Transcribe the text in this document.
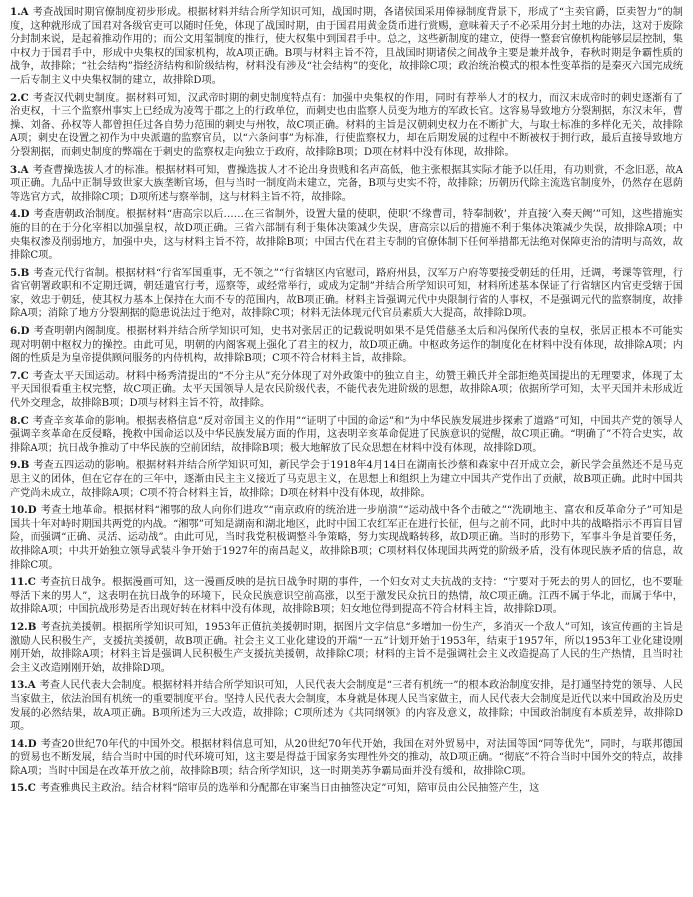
1.A 考查战国时期官僚制度初步形成。根据材料并结合所学知识可知，战国时期，各诸侯国采用俸禄制度背景下，形成了“主卖官爵，臣卖智力”的制度，这种就形成了国君对各级官吏可以随时任免，体现了战国时期，由于国君用黄金货币进行赏赐，意味着天子不必采用分封土地的办法，这对于废除分封制来说，是起着推动作用的；而公文用玺制度的推行，使大权集中到国君手中。总之，这些新制度的建立，使得一整套官僚机构能够层层控制，集中权力于国君手中，形成中央集权的国家机构，故A项正确。B项与材料主旨不符，且战国时期诸侯之间战争主要是兼并战争，春秋时期是争霸性质的战争，故排除；“社会结构”指经济结构和阶级结构，材料没有涉及“社会结构”的变化，故排除C项；政治统治模式的根本性变革指的是秦灭六国完成统一后专制主义中央集权制的建立，故排除D项。

2.C 考查汉代刺史制度。据材料可知，汉武帝时期的刺史制度特点有：加强中央集权的作用，同时有荐举人才的权力，而汉末成帝时的刺史逐渐有了治吏权，十三个监察州事实上已经成为凌驾于郡之上的行政单位，而刺史也由监察人员变为地方的军政长官。这容易导致地方分裂割据，东汉末年，曹操、刘备、孙权等人都曾担任过各自势力范围的刺史与州牧，故C项正确。材料的主旨是汉朝刺史权力在不断扩大，与取士标准的多样化无关，故排除A项；刺史在设置之初作为中央派遣的监察官员，以“六条问事”为标准，行使监察权力，却在后期发展的过程中不断被权于拥行政，最后直接导致地方分裂割据，而刺史制度的弊端在于刺史的监察权走向独立于政府，故排除B项；D项在材料中没有体现，故排除。

3.A 考查曹操选拔人才的标准。根据材料可知，曹操选拔人才不论出身贵贱和名声高低，他主张根据其实际才能予以任用，有功则赏，不念旧恶，故A项正确。九品中正制导致世家大族垄断官场，但与当时一制度尚未建立，完备，B项与史实不符，故排除；历朝历代除主流选官制度外，仍然存在恩荫等选官方式，故排除C项；D项所述与察举制，这与材料主旨不符，故排除。

4.D 考查唐朝政治制度。根据材料“唐高宗以后……在三省制外，设置大量的使职，使职‘不缘曹司，特奉制敕’，并直接‘入奏天阙’”可知，这些措施实施的目的在于分化宰相以加强皇权，故D项正确。三省六部制有利于集体决策减少失误，唐高宗以后的措施不利于集体决策减少失误，故排除A项；中央集权渗及削弱地方，加强中央，这与材料主旨不符，故排除B项；中国古代在君主专制的官僚体制下任何举措都无法绝对保障吏治的清明与高效，故排除C项。

5.B 考查元代行省制。根据材料“行省军国重事，无不领之”“行省辖区内官慰司，路府州县，汉军万户府等要接受朝廷的任用，迁调，考课等管理，行省官朝署政职和不定期迁调，朝廷遣官行考，巡察等，或经常举行，或成为定制”并结合所学知识可知，材料所述基本保证了行省辖区内官吏受辖于国家，效忠于朝廷，使其权力基本上保持在大而不专的范围内，故B项正确。材料主旨强调元代中央限制行省的人事权，不是强调元代的监察制度，故排除A项；消除了地方分裂割据的隐患说法过于绝对，故排除C项；材料无法体现元代官员素质大大提高，故排除D项。

6.D 考查明朝内阁制度。根据材料并结合所学知识可知，史书对张居正的记载说明如果不是凭借慈圣太后和冯保所代表的皇权，张居正根本不可能实现对明朝中枢权力的操控。由此可见，明朝的内阁客观上强化了君主的权力，故D项正确。中枢政务运作的制度化在材料中没有体现，故排除A项；内阁的性质是为皇帝提供顾问服务的内侍机构，故排除B项；C项不符合材料主旨，故排除。

7.C 考查太平天国运动。材料中杨秀清提出的“不分主从”充分体现了对外政策中的独立自主，幼赞王赖氏并全部拒绝英国提出的无理要求，体现了太平天国很看重主权完整，故C项正确。太平天国领导人是农民阶级代表，不能代表先进阶级的思想，故排除A项；依据所学可知，太平天国并未形成近代外交理念，故排除B项；D项与材料主旨不符，故排除。

8.C 考查辛亥革命的影响。根据表格信息“反对帝国主义的作用”“证明了中国的命运”和“为中华民族发展进步探索了道路”可知，中国共产党的领导人强调辛亥革命在反侵略，挽救中国命运以及中华民族发展方面的作用，这表明辛亥革命促进了民族意识的觉醒，故C项正确。“明确了”不符合史实，故排除A项；抗日战争推动了中华民族的空前团结，故排除B项；极大地解放了民众思想在材料中没有体现，故排除D项。

9.B 考查五四运动的影响。根据材料并结合所学知识可知，新民学会于1918年4月14日在湖南长沙蔡和森家中召开成立会，新民学会虽然还不是马克思主义的团体，但在它存在的三年中，逐渐由民主主义接近了马克思主义，在思想上和组织上为建立中国共产党作出了贡献，故B项正确。此时中国共产党尚未成立，故排除A项；C项不符合材料主旨，故排除；D项在材料中没有体现，故排除。

10.D 考查土地革命。根据材料“湘鄂的敌人向你们进攻”“南京政府的统治进一步崩溃”“运动战中各个击破之”“洗刷地主、富农和反革命分子”可知是国共十年对峙时期国共两党的内战。“湘鄂”可知是湖南和湖北地区，此时中国工农红军正在进行长征，但与之前不同，此时中共的战略指示不再盲目冒险，而强调“正确、灵活、运动战”。由此可见，当时我党积极调整斗争策略，努力实现战略转移，故D项正确。当时的形势下，军事斗争是首要任务，故排除A项；中共开始独立领导武装斗争开始于1927年的南昌起义，故排除B项；C项材料仅体现国共两党的阶级矛盾，没有体现民族矛盾的信息，故排除C项。

11.C 考查抗日战争。根据漫画可知，这一漫画反映的是抗日战争时期的事件，一个妇女对丈夫抗战的支持：“宁要对于死去的男人的回忆，也不要耻辱活下来的男人”，这表明在抗日战争的环境下，民众民族意识空前高涨，以至于激发民众抗日的热情，故C项正确。江西不属于华北，而属于华中，故排除A项；中国抗战形势是否出现好转在材料中没有体现，故排除B项；妇女地位得到提高不符合材料主旨，故排除D项。

12.B 考查抗美援朝。根据所学知识可知，1953年正值抗美援朝时期，据图片文字信息“多增加一份生产，多消灭一个敌人”可知，该宣传画的主旨是激励人民积极生产，支援抗美援朝，故B项正确。社会主义工业化建设的开端“一五”计划开始于1953年，结束于1957年，所以1953年工业化建设刚刚开始，故排除A项；材料主旨是强调人民积极生产支援抗美援朝，故排除C项；材料的主旨不是强调社会主义改造提高了人民的生产热情，且当时社会主义改造刚刚开始，故排除D项。

13.A 考查人民代表大会制度。根据材料并结合所学知识可知，人民代表大会制度是“三者有机统一”的根本政治制度安排，是打通坚持党的领导、人民当家做主，依法治国有机统一的重要制度平台。坚持人民代表大会制度，本身就是体现人民当家做主，而人民代表大会制度是近代以来中国政治及历史发展的必然结果，故A项正确。B项所述为三大改造，故排除；C项所述为《共同纲领》的内容及意义，故排除；中国政治制度有本质差异，故排除D项。

14.D 考查20世纪70年代的中国外交。根据材料信息可知，从20世纪70年代开始，我国在对外贸易中，对法国等国“同等优先”，同时，与联邦德国的贸易也不断发展，结合当时中国的时代环境可知，这主要是得益于国家务实理性外交的推动，故D项正确。“彻底”不符合当时中国外交的特点，故排除A项；当时中国是在改革开放之前，故排除B项；结合所学知识，这一时期美苏争霸局面并没有缓和，故排除C项。

15.C 考查雅典民主政治。结合材料“陪审员的选举和分配都在审案当日由抽签决定”可知，陪审员由公民抽签产生，这
